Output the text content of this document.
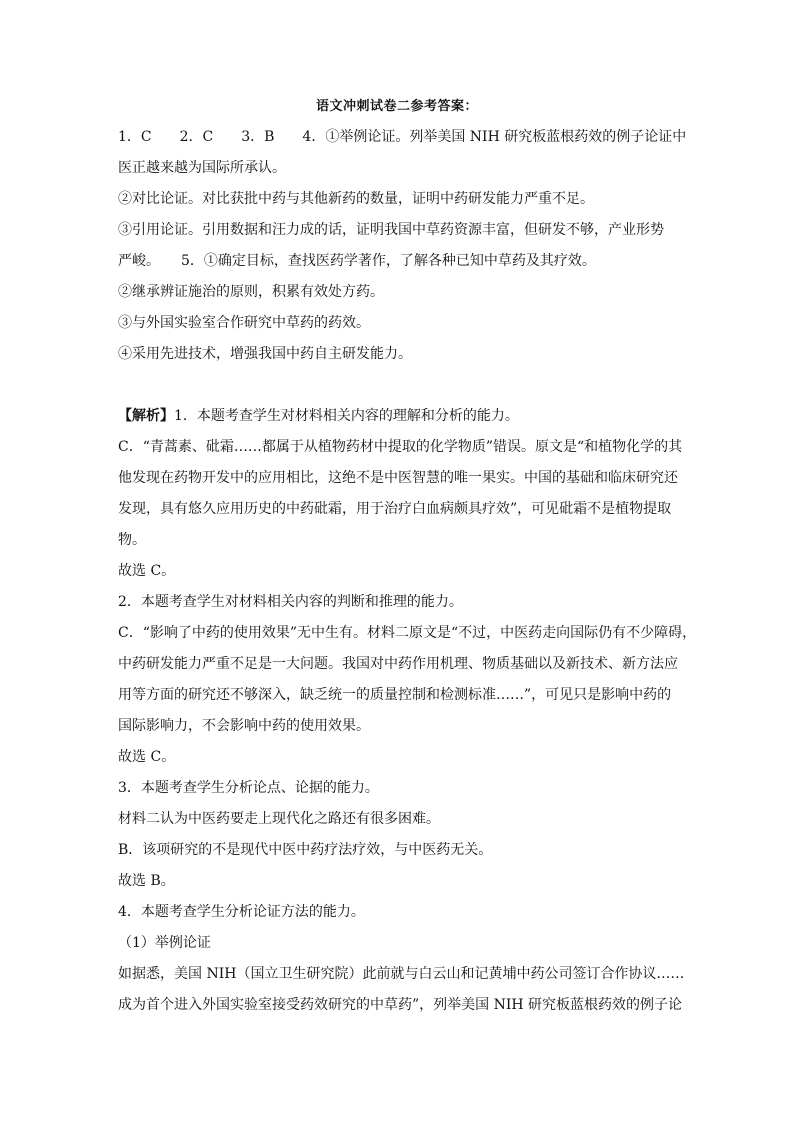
语文冲刺试卷二参考答案：
1．C　　2．C　　3．B　　4．①举例论证。列举美国 NIH 研究板蓝根药效的例子论证中
医正越来越为国际所承认。
②对比论证。对比获批中药与其他新药的数量，证明中药研发能力严重不足。
③引用论证。引用数据和汪力成的话，证明我国中草药资源丰富，但研发不够，产业形势
严峻。　　5．①确定目标，查找医药学著作，了解各种已知中草药及其疗效。
②继承辨证施治的原则，积累有效处方药。
③与外国实验室合作研究中草药的药效。
④采用先进技术，增强我国中药自主研发能力。
【解析】1．本题考查学生对材料相关内容的理解和分析的能力。
C．“青蒿素、砒霜……都属于从植物药材中提取的化学物质”错误。原文是“和植物化学的其
他发现在药物开发中的应用相比，这绝不是中医智慧的唯一果实。中国的基础和临床研究还
发现，具有悠久应用历史的中药砒霜，用于治疗白血病颇具疗效”，可见砒霜不是植物提取
物。
故选 C。
2．本题考查学生对材料相关内容的判断和推理的能力。
C．“影响了中药的使用效果”无中生有。材料二原文是“不过，中医药走向国际仍有不少障碍，
中药研发能力严重不足是一大问题。我国对中药作用机理、物质基础以及新技术、新方法应
用等方面的研究还不够深入，缺乏统一的质量控制和检测标准……”，可见只是影响中药的
国际影响力，不会影响中药的使用效果。
故选 C。
3．本题考查学生分析论点、论据的能力。
材料二认为中医药要走上现代化之路还有很多困难。
B．该项研究的不是现代中医中药疗法疗效，与中医药无关。
故选 B。
4．本题考查学生分析论证方法的能力。
（1）举例论证
如据悉，美国 NIH（国立卫生研究院）此前就与白云山和记黄埔中药公司签订合作协议……
成为首个进入外国实验室接受药效研究的中草药”，列举美国 NIH 研究板蓝根药效的例子论
